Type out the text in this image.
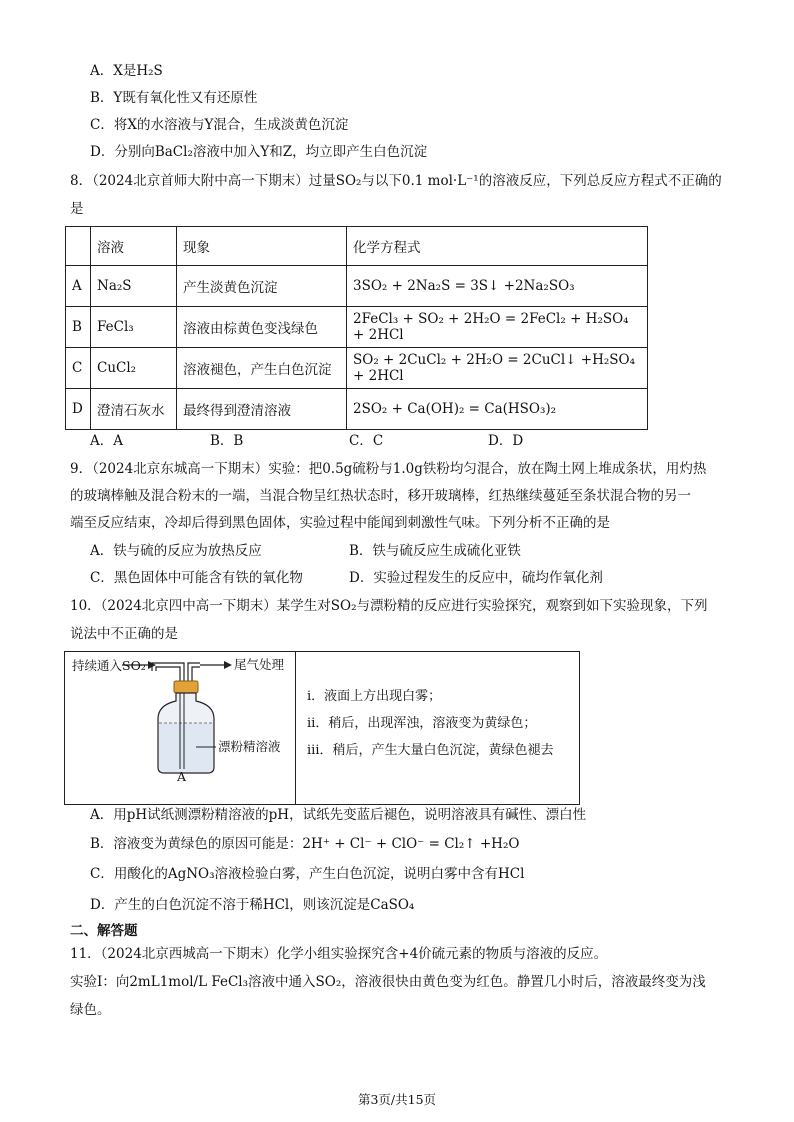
A．X是H₂S
B．Y既有氧化性又有还原性
C．将X的水溶液与Y混合，生成淡黄色沉淀
D．分别向BaCl₂溶液中加入Y和Z，均立即产生白色沉淀
8．（2024北京首师大附中高一下期末）过量SO₂与以下0.1 mol·L⁻¹的溶液反应，下列总反应方程式不正确的
是
	溶液	现象	化学方程式
A	Na₂S	产生淡黄色沉淀	3SO₂ + 2Na₂S = 3S↓ +2Na₂SO₃
B	FeCl₃	溶液由棕黄色变浅绿色	2FeCl₃ + SO₂ + 2H₂O = 2FeCl₂ + H₂SO₄ + 2HCl
C	CuCl₂	溶液褪色，产生白色沉淀	SO₂ + 2CuCl₂ + 2H₂O = 2CuCl↓ +H₂SO₄ + 2HCl
D	澄清石灰水	最终得到澄清溶液	2SO₂ + Ca(OH)₂ = Ca(HSO₃)₂
A．A	B．B	C．C	D．D
9．（2024北京东城高一下期末）实验：把0.5g硫粉与1.0g铁粉均匀混合，放在陶土网上堆成条状，用灼热
的玻璃棒触及混合粉末的一端，当混合物呈红热状态时，移开玻璃棒，红热继续蔓延至条状混合物的另一
端至反应结束，冷却后得到黑色固体，实验过程中能闻到刺激性气味。下列分析不正确的是
A．铁与硫的反应为放热反应	B．铁与硫反应生成硫化亚铁
C．黑色固体中可能含有铁的氧化物	D．实验过程发生的反应中，硫均作氧化剂
10．（2024北京四中高一下期末）某学生对SO₂与漂粉精的反应进行实验探究，观察到如下实验现象，下列
说法中不正确的是
持续通入SO₂	尾气处理
漂粉精溶液
A
ⅰ．液面上方出现白雾；
ⅱ．稍后，出现浑浊，溶液变为黄绿色；
ⅲ．稍后，产生大量白色沉淀，黄绿色褪去
A．用pH试纸测漂粉精溶液的pH，试纸先变蓝后褪色，说明溶液具有碱性、漂白性
B．溶液变为黄绿色的原因可能是：2H⁺ + Cl⁻ + ClO⁻ = Cl₂↑ +H₂O
C．用酸化的AgNO₃溶液检验白雾，产生白色沉淀，说明白雾中含有HCl
D．产生的白色沉淀不溶于稀HCl，则该沉淀是CaSO₄
二、解答题
11．（2024北京西城高一下期末）化学小组实验探究含+4价硫元素的物质与溶液的反应。
实验Ⅰ：向2mL1mol/L FeCl₃溶液中通入SO₂，溶液很快由黄色变为红色。静置几小时后，溶液最终变为浅
绿色。
第3页/共15页
